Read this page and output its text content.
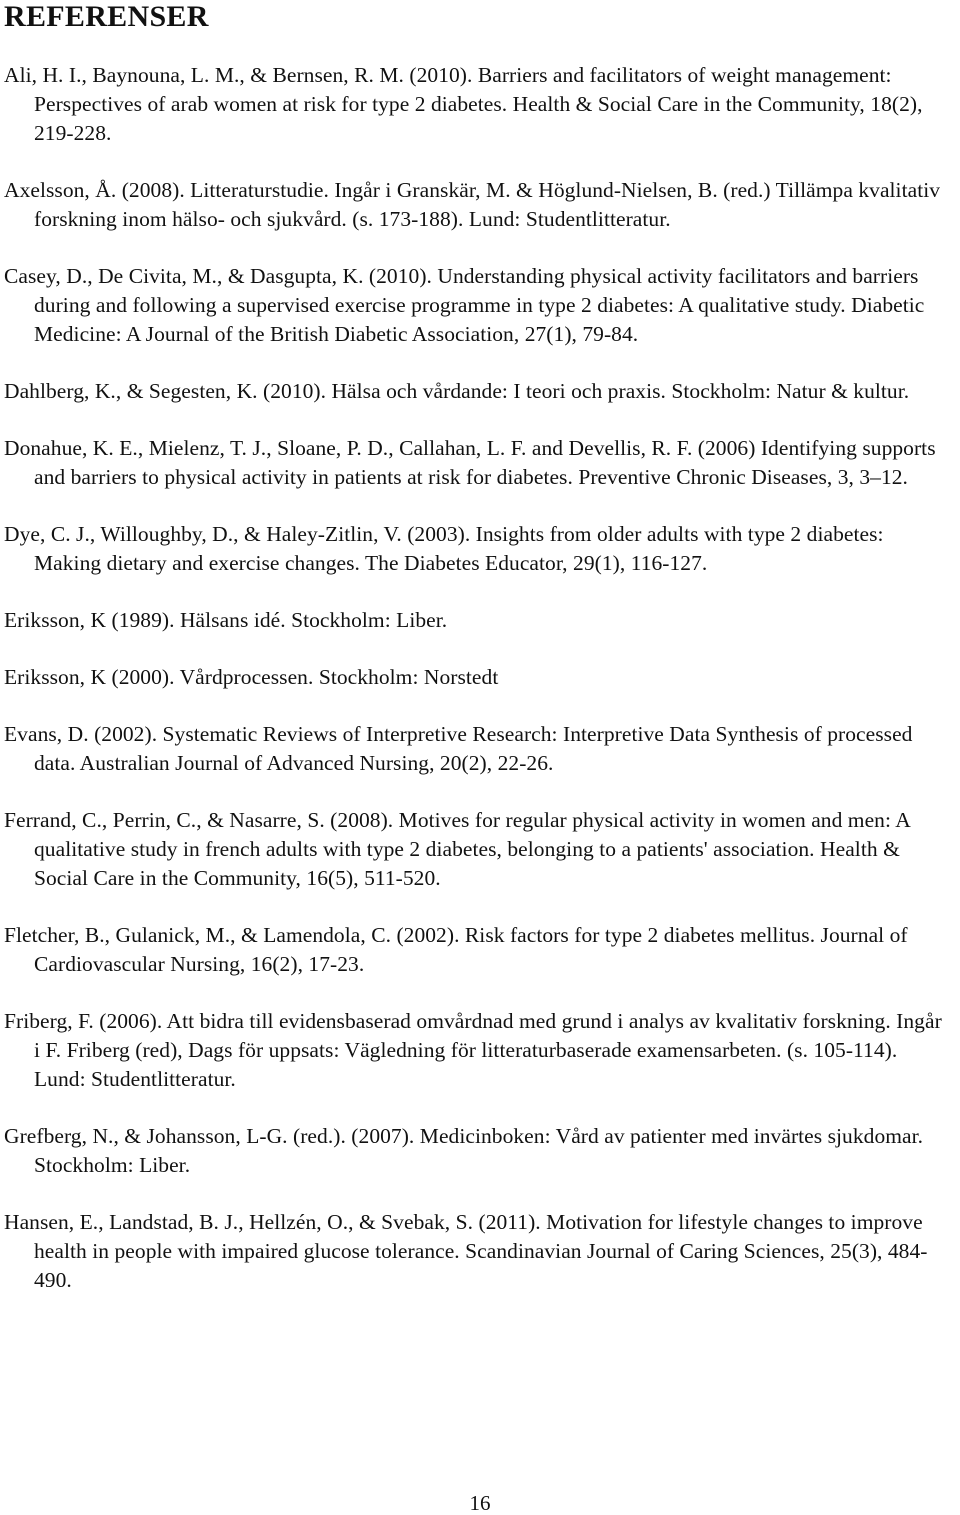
REFERENSER
Ali, H. I., Baynouna, L. M., & Bernsen, R. M. (2010). Barriers and facilitators of weight management: Perspectives of arab women at risk for type 2 diabetes. Health & Social Care in the Community, 18(2), 219-228.
Axelsson, Å. (2008). Litteraturstudie. Ingår i Granskär, M. & Höglund-Nielsen, B. (red.) Tillämpa kvalitativ forskning inom hälso- och sjukvård. (s. 173-188). Lund: Studentlitteratur.
Casey, D., De Civita, M., & Dasgupta, K. (2010). Understanding physical activity facilitators and barriers during and following a supervised exercise programme in type 2 diabetes: A qualitative study. Diabetic Medicine: A Journal of the British Diabetic Association, 27(1), 79-84.
Dahlberg, K., & Segesten, K. (2010). Hälsa och vårdande: I teori och praxis. Stockholm: Natur & kultur.
Donahue, K. E., Mielenz, T. J., Sloane, P. D., Callahan, L. F. and Devellis, R. F. (2006) Identifying supports and barriers to physical activity in patients at risk for diabetes. Preventive Chronic Diseases, 3, 3–12.
Dye, C. J., Willoughby, D., & Haley-Zitlin, V. (2003). Insights from older adults with type 2 diabetes: Making dietary and exercise changes. The Diabetes Educator, 29(1), 116-127.
Eriksson, K (1989). Hälsans idé. Stockholm: Liber.
Eriksson, K (2000). Vårdprocessen. Stockholm: Norstedt
Evans, D. (2002). Systematic Reviews of Interpretive Research: Interpretive Data Synthesis of processed data. Australian Journal of Advanced Nursing, 20(2), 22-26.
Ferrand, C., Perrin, C., & Nasarre, S. (2008). Motives for regular physical activity in women and men: A qualitative study in french adults with type 2 diabetes, belonging to a patients' association. Health & Social Care in the Community, 16(5), 511-520.
Fletcher, B., Gulanick, M., & Lamendola, C. (2002). Risk factors for type 2 diabetes mellitus. Journal of Cardiovascular Nursing, 16(2), 17-23.
Friberg, F. (2006). Att bidra till evidensbaserad omvårdnad med grund i analys av kvalitativ forskning. Ingår i F. Friberg (red), Dags för uppsats: Vägledning för litteraturbaserade examensarbeten. (s. 105-114). Lund: Studentlitteratur.
Grefberg, N., & Johansson, L-G. (red.). (2007). Medicinboken: Vård av patienter med invärtes sjukdomar. Stockholm: Liber.
Hansen, E., Landstad, B. J., Hellzén, O., & Svebak, S. (2011). Motivation for lifestyle changes to improve health in people with impaired glucose tolerance. Scandinavian Journal of Caring Sciences, 25(3), 484-490.
16
